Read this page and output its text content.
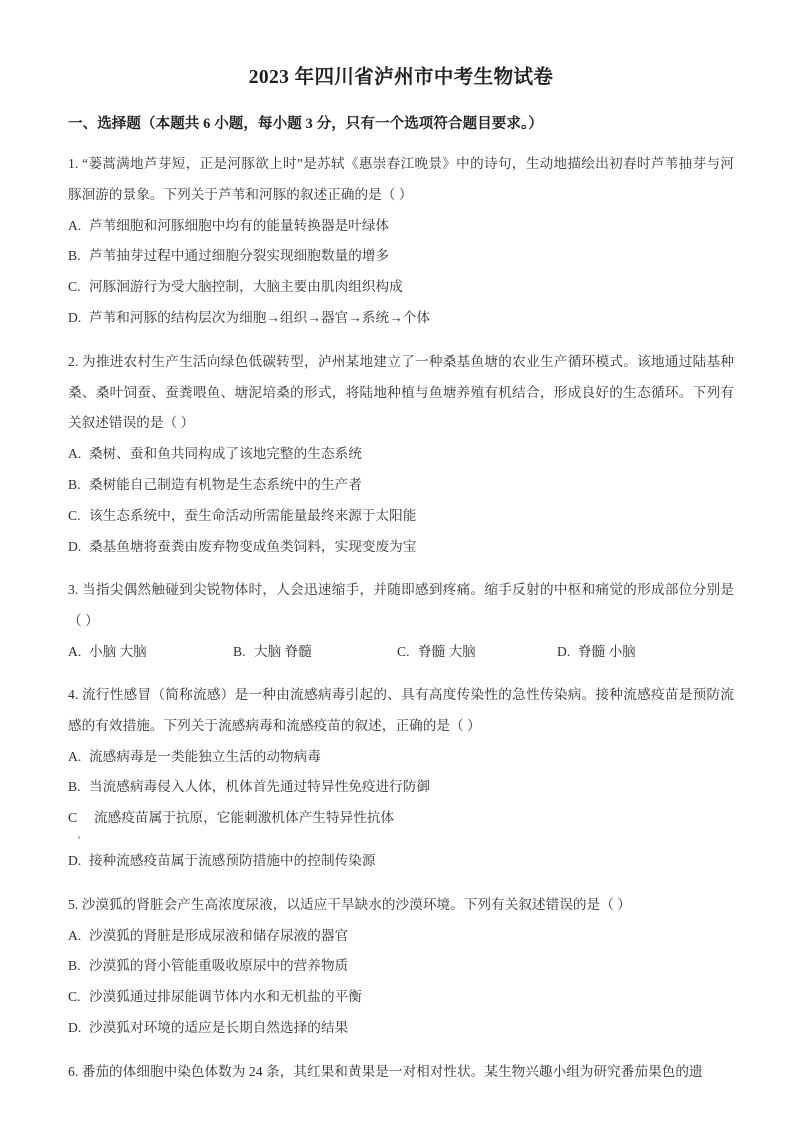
2023 年四川省泸州市中考生物试卷
一、选择题（本题共 6 小题，每小题 3 分，只有一个选项符合题目要求。）
1. “蒌蒿满地芦芽短，正是河豚欲上时”是苏轼《惠崇春江晚景》中的诗句，生动地描绘出初春时芦苇抽芽与河豚洄游的景象。下列关于芦苇和河豚的叙述正确的是（ ）
A. 芦苇细胞和河豚细胞中均有的能量转换器是叶绿体
B. 芦苇抽芽过程中通过细胞分裂实现细胞数量的增多
C. 河豚洄游行为受大脑控制，大脑主要由肌肉组织构成
D. 芦苇和河豚的结构层次为细胞→组织→器官→系统→个体
2. 为推进农村生产生活向绿色低碳转型，泸州某地建立了一种桑基鱼塘的农业生产循环模式。该地通过陆基种桑、桑叶饲蚕、蚕粪喂鱼、塘泥培桑的形式，将陆地种植与鱼塘养殖有机结合，形成良好的生态循环。下列有关叙述错误的是（ ）
A. 桑树、蚕和鱼共同构成了该地完整的生态系统
B. 桑树能自己制造有机物是生态系统中的生产者
C. 该生态系统中，蚕生命活动所需能量最终来源于太阳能
D. 桑基鱼塘将蚕粪由废弃物变成鱼类饲料，实现变废为宝
3. 当指尖偶然触碰到尖锐物体时，人会迅速缩手，并随即感到疼痛。缩手反射的中枢和痛觉的形成部位分别是（ ）
A. 小脑 大脑	B. 大脑 脊髓	C. 脊髓 大脑	D. 脊髓 小脑
4. 流行性感冒（简称流感）是一种由流感病毒引起的、具有高度传染性的急性传染病。接种流感疫苗是预防流感的有效措施。下列关于流感病毒和流感疫苗的叙述，正确的是（ ）
A. 流感病毒是一类能独立生活的动物病毒
B. 当流感病毒侵入人体，机体首先通过特异性免疫进行防御
C 流感疫苗属于抗原，它能刺激机体产生特异性抗体
D. 接种流感疫苗属于流感预防措施中的控制传染源
5. 沙漠狐的肾脏会产生高浓度尿液，以适应干旱缺水的沙漠环境。下列有关叙述错误的是（ ）
A. 沙漠狐的肾脏是形成尿液和储存尿液的器官
B. 沙漠狐的肾小管能重吸收原尿中的营养物质
C. 沙漠狐通过排尿能调节体内水和无机盐的平衡
D. 沙漠狐对环境的适应是长期自然选择的结果
6. 番茄的体细胞中染色体数为 24 条，其红果和黄果是一对相对性状。某生物兴趣小组为研究番茄果色的遗
